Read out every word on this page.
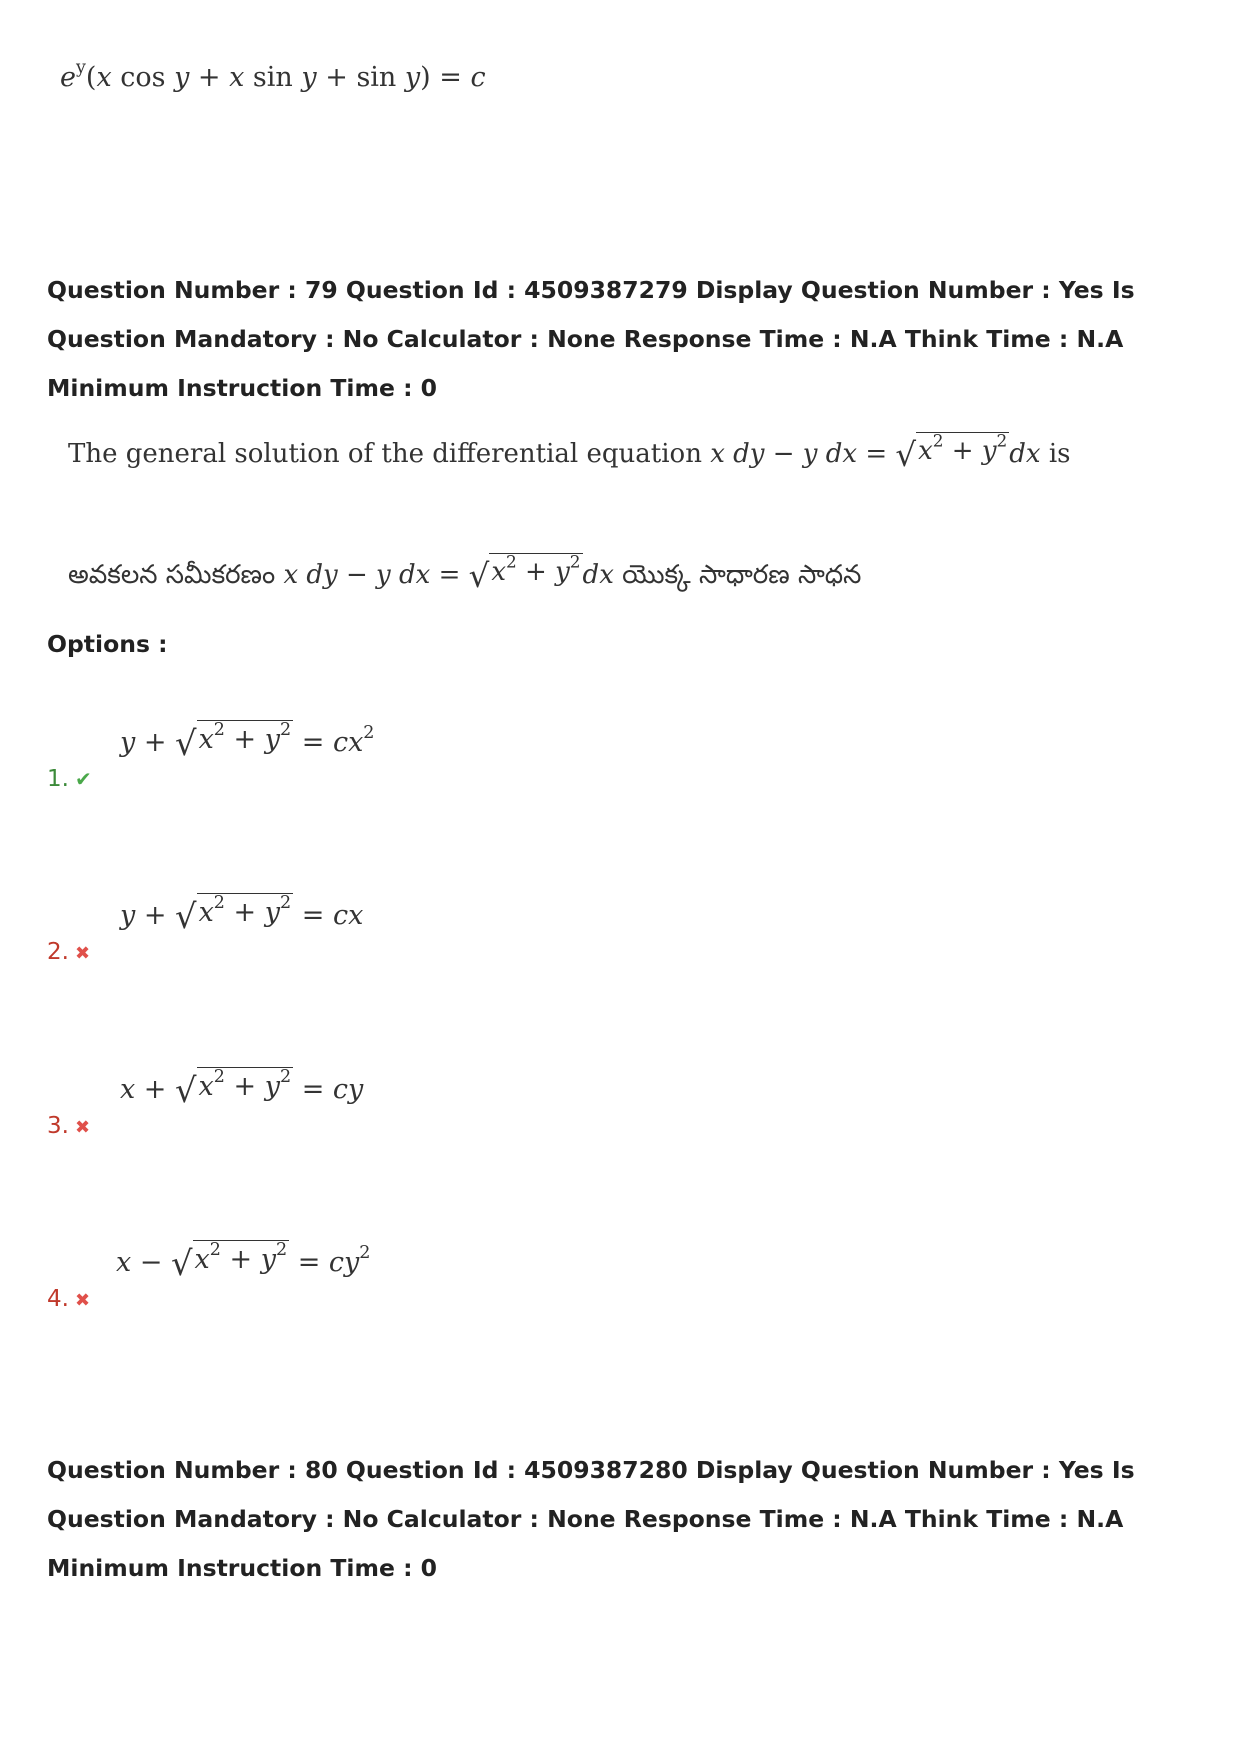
$e^y(x$ cos y + x sin y + sin y) = c
Question Number : 79 Question Id : 4509387279 Display Question Number : Yes Is Question Mandatory : No Calculator : None Response Time : N.A Think Time : N.A Minimum Instruction Time : 0
The general solution of the differential equation x dy − y dx = √ $x^2 + y^2$ dx is
అవకలన సమీకరణం x dy − y dx = √ $x^2 + y^2$ dx యొక్క సాధారణ సాధన
Options :
y + √ $x^2 + y^2 = cx^2$
1. ✔
y + √ $x^2 + y^2$ = cx
2. ✖
x + √ $x^2 + y^2$ = cy
3. ✖
x − √ $x^2 + y^2 = cy^2$
4. ✖
Question Number : 80 Question Id : 4509387280 Display Question Number : Yes Is Question Mandatory : No Calculator : None Response Time : N.A Think Time : N.A Minimum Instruction Time : 0
